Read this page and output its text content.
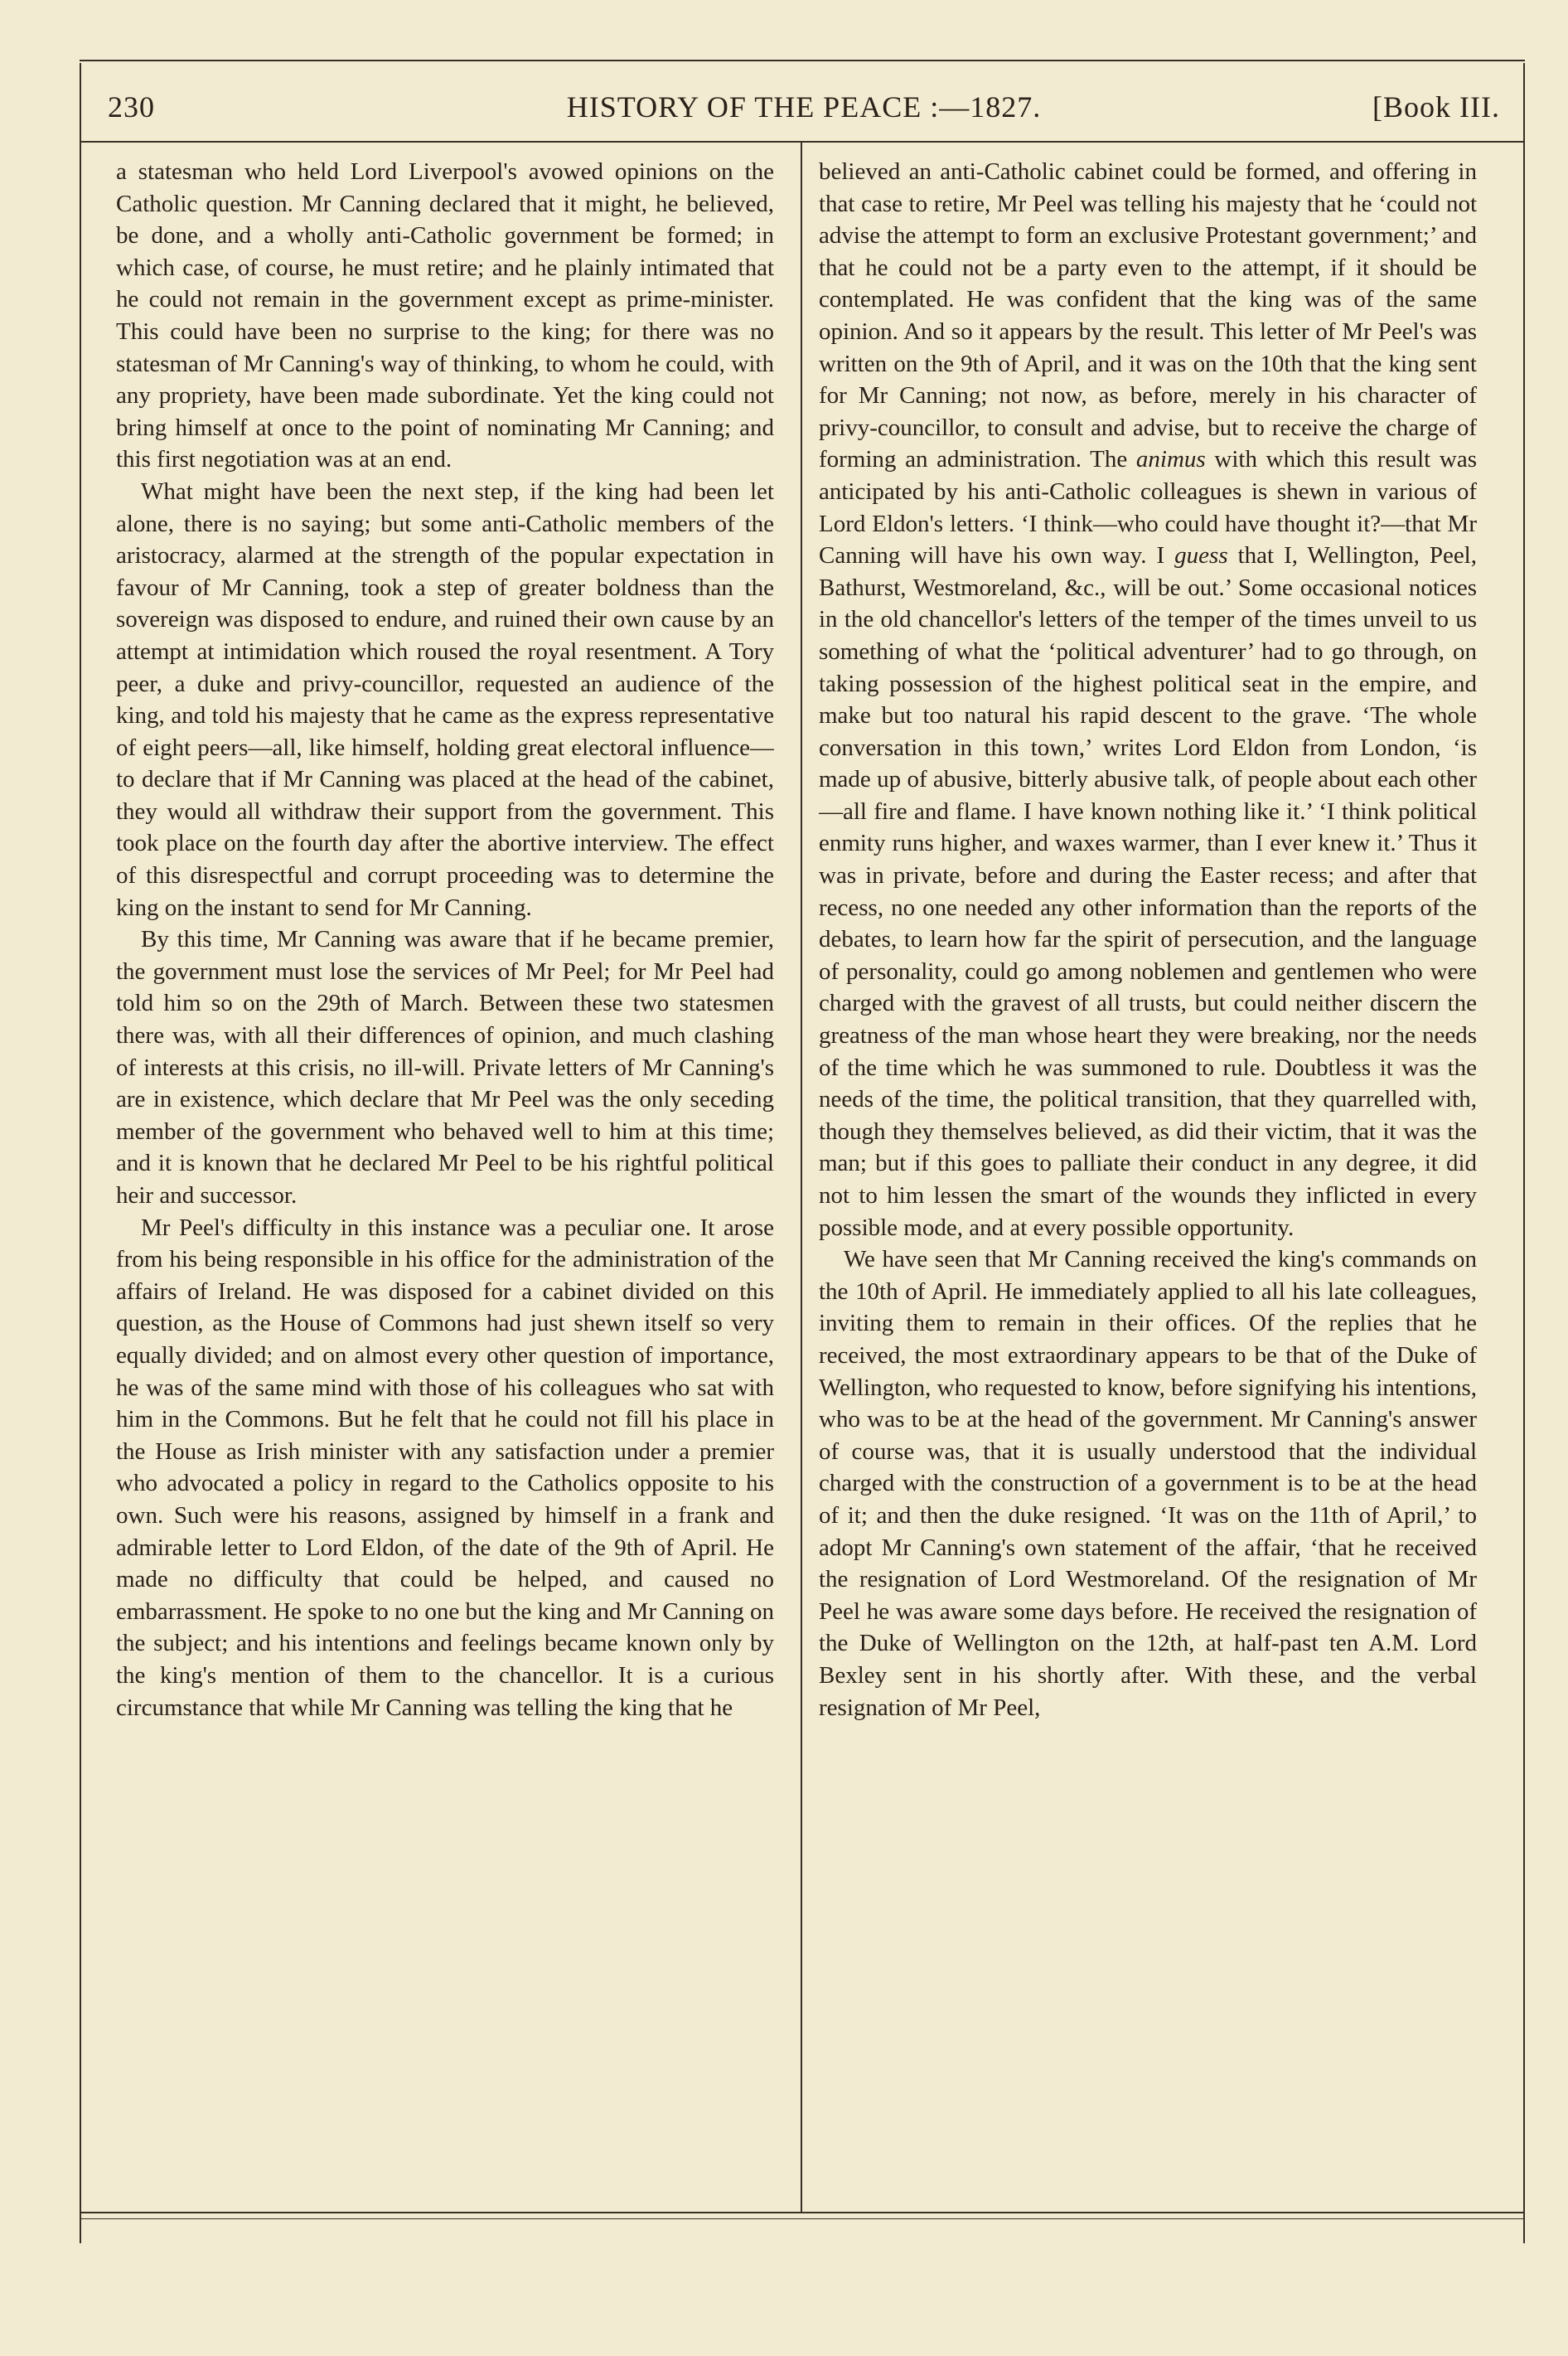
230	HISTORY OF THE PEACE :—1827.	[Book III.

a statesman who held Lord Liverpool's avowed opinions on the Catholic question. Mr Canning declared that it might, he believed, be done, and a wholly anti-Catholic government be formed; in which case, of course, he must retire; and he plainly intimated that he could not remain in the government except as prime-minister. This could have been no surprise to the king; for there was no statesman of Mr Canning's way of thinking, to whom he could, with any propriety, have been made subordinate. Yet the king could not bring himself at once to the point of nominating Mr Canning; and this first negotiation was at an end.

What might have been the next step, if the king had been let alone, there is no saying; but some anti-Catholic members of the aristocracy, alarmed at the strength of the popular expectation in favour of Mr Canning, took a step of greater boldness than the sovereign was disposed to endure, and ruined their own cause by an attempt at intimidation which roused the royal resentment. A Tory peer, a duke and privy-councillor, requested an audience of the king, and told his majesty that he came as the express representative of eight peers—all, like himself, holding great electoral influence—to declare that if Mr Canning was placed at the head of the cabinet, they would all withdraw their support from the government. This took place on the fourth day after the abortive interview. The effect of this disrespectful and corrupt proceeding was to determine the king on the instant to send for Mr Canning.

By this time, Mr Canning was aware that if he became premier, the government must lose the services of Mr Peel; for Mr Peel had told him so on the 29th of March. Between these two statesmen there was, with all their differences of opinion, and much clashing of interests at this crisis, no ill-will. Private letters of Mr Canning's are in existence, which declare that Mr Peel was the only seceding member of the government who behaved well to him at this time; and it is known that he declared Mr Peel to be his rightful political heir and successor.

Mr Peel's difficulty in this instance was a peculiar one. It arose from his being responsible in his office for the administration of the affairs of Ireland. He was disposed for a cabinet divided on this question, as the House of Commons had just shewn itself so very equally divided; and on almost every other question of importance, he was of the same mind with those of his colleagues who sat with him in the Commons. But he felt that he could not fill his place in the House as Irish minister with any satisfaction under a premier who advocated a policy in regard to the Catholics opposite to his own. Such were his reasons, assigned by himself in a frank and admirable letter to Lord Eldon, of the date of the 9th of April. He made no difficulty that could be helped, and caused no embarrassment. He spoke to no one but the king and Mr Canning on the subject; and his intentions and feelings became known only by the king's mention of them to the chancellor. It is a curious circumstance that while Mr Canning was telling the king that he

believed an anti-Catholic cabinet could be formed, and offering in that case to retire, Mr Peel was telling his majesty that he ‘could not advise the attempt to form an exclusive Protestant government;’ and that he could not be a party even to the attempt, if it should be contemplated. He was confident that the king was of the same opinion. And so it appears by the result. This letter of Mr Peel's was written on the 9th of April, and it was on the 10th that the king sent for Mr Canning; not now, as before, merely in his character of privy-councillor, to consult and advise, but to receive the charge of forming an administration. The animus with which this result was anticipated by his anti-Catholic colleagues is shewn in various of Lord Eldon's letters. ‘I think—who could have thought it?—that Mr Canning will have his own way. I guess that I, Wellington, Peel, Bathurst, Westmoreland, &c., will be out.’ Some occasional notices in the old chancellor's letters of the temper of the times unveil to us something of what the ‘political adventurer’ had to go through, on taking possession of the highest political seat in the empire, and make but too natural his rapid descent to the grave. ‘The whole conversation in this town,’ writes Lord Eldon from London, ‘is made up of abusive, bitterly abusive talk, of people about each other—all fire and flame. I have known nothing like it.’ ‘I think political enmity runs higher, and waxes warmer, than I ever knew it.’ Thus it was in private, before and during the Easter recess; and after that recess, no one needed any other information than the reports of the debates, to learn how far the spirit of persecution, and the language of personality, could go among noblemen and gentlemen who were charged with the gravest of all trusts, but could neither discern the greatness of the man whose heart they were breaking, nor the needs of the time which he was summoned to rule. Doubtless it was the needs of the time, the political transition, that they quarrelled with, though they themselves believed, as did their victim, that it was the man; but if this goes to palliate their conduct in any degree, it did not to him lessen the smart of the wounds they inflicted in every possible mode, and at every possible opportunity.

We have seen that Mr Canning received the king's commands on the 10th of April. He immediately applied to all his late colleagues, inviting them to remain in their offices. Of the replies that he received, the most extraordinary appears to be that of the Duke of Wellington, who requested to know, before signifying his intentions, who was to be at the head of the government. Mr Canning's answer of course was, that it is usually understood that the individual charged with the construction of a government is to be at the head of it; and then the duke resigned. ‘It was on the 11th of April,’ to adopt Mr Canning's own statement of the affair, ‘that he received the resignation of Lord Westmoreland. Of the resignation of Mr Peel he was aware some days before. He received the resignation of the Duke of Wellington on the 12th, at half-past ten A.M. Lord Bexley sent in his shortly after. With these, and the verbal resignation of Mr Peel,
